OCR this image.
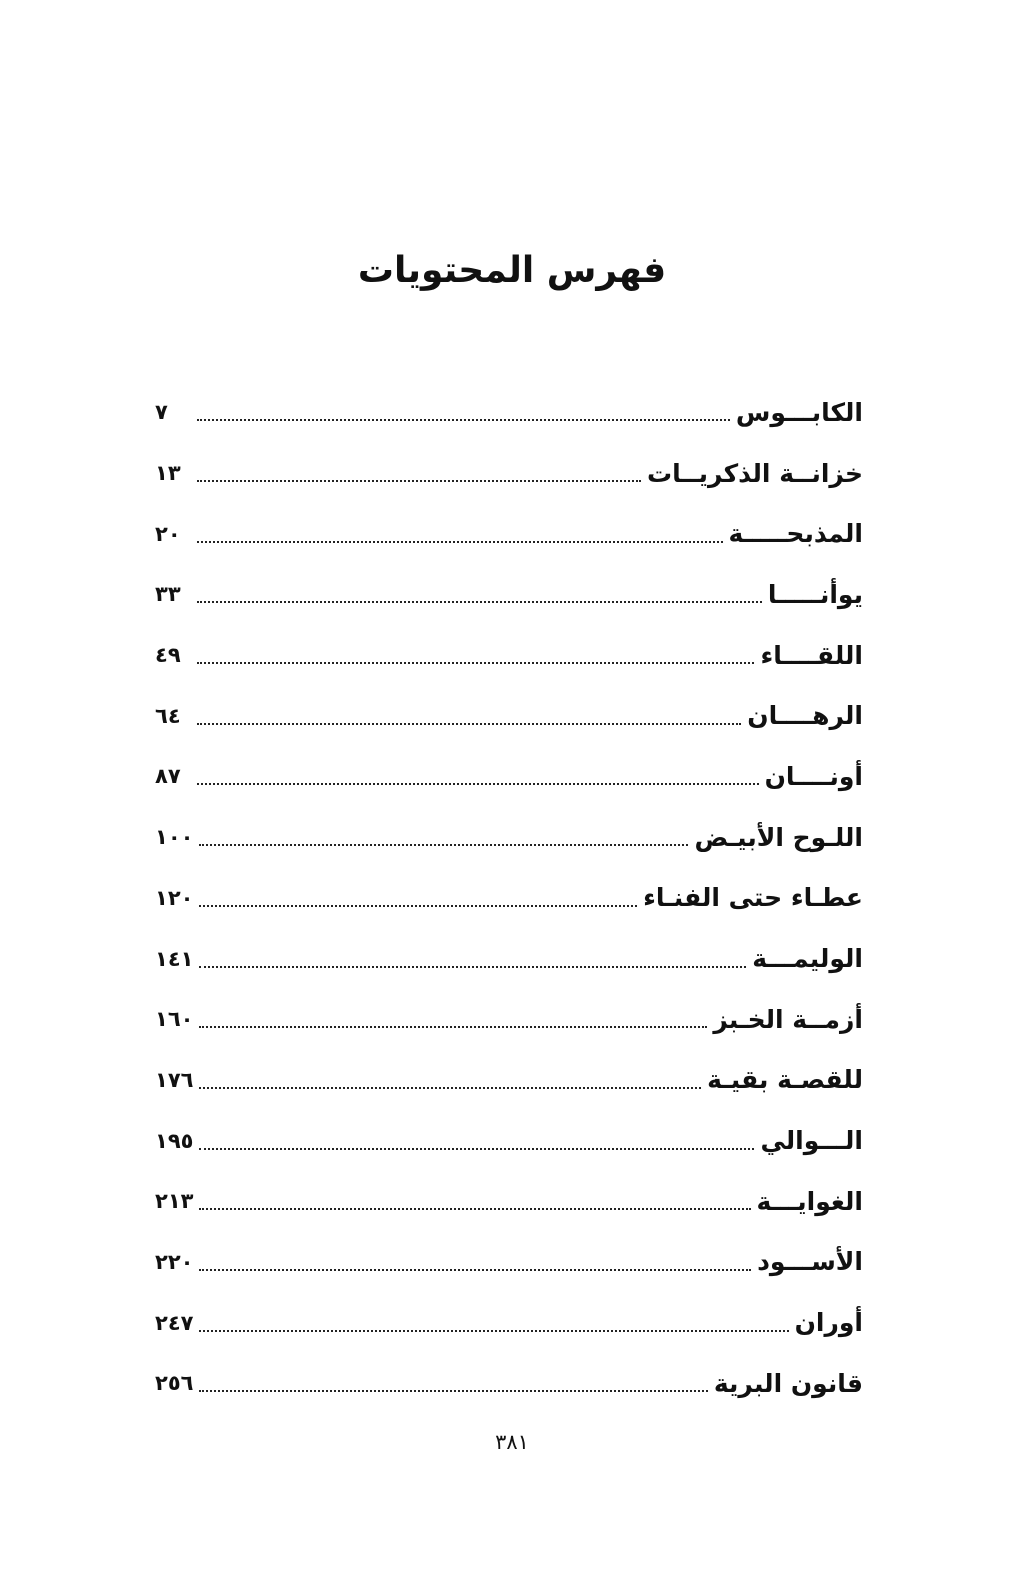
فهرس المحتويات
الكابـــوس
٧
خزانــة الذكريــات
١٣
المذبحـــــة
٢٠
يوأنـــــا
٣٣
اللقــــاء
٤٩
الرهــــان
٦٤
أونــــان
٨٧
اللـوح الأبيـض
١٠٠
عطـاء حتى الفنـاء
١٢٠
الوليمـــة
١٤١
أزمــة الخـبز
١٦٠
للقصـة بقيـة
١٧٦
الـــوالي
١٩٥
الغوايـــة
٢١٣
الأســـود
٢٢٠
أوران
٢٤٧
قانون البرية
٢٥٦
٣٨١
